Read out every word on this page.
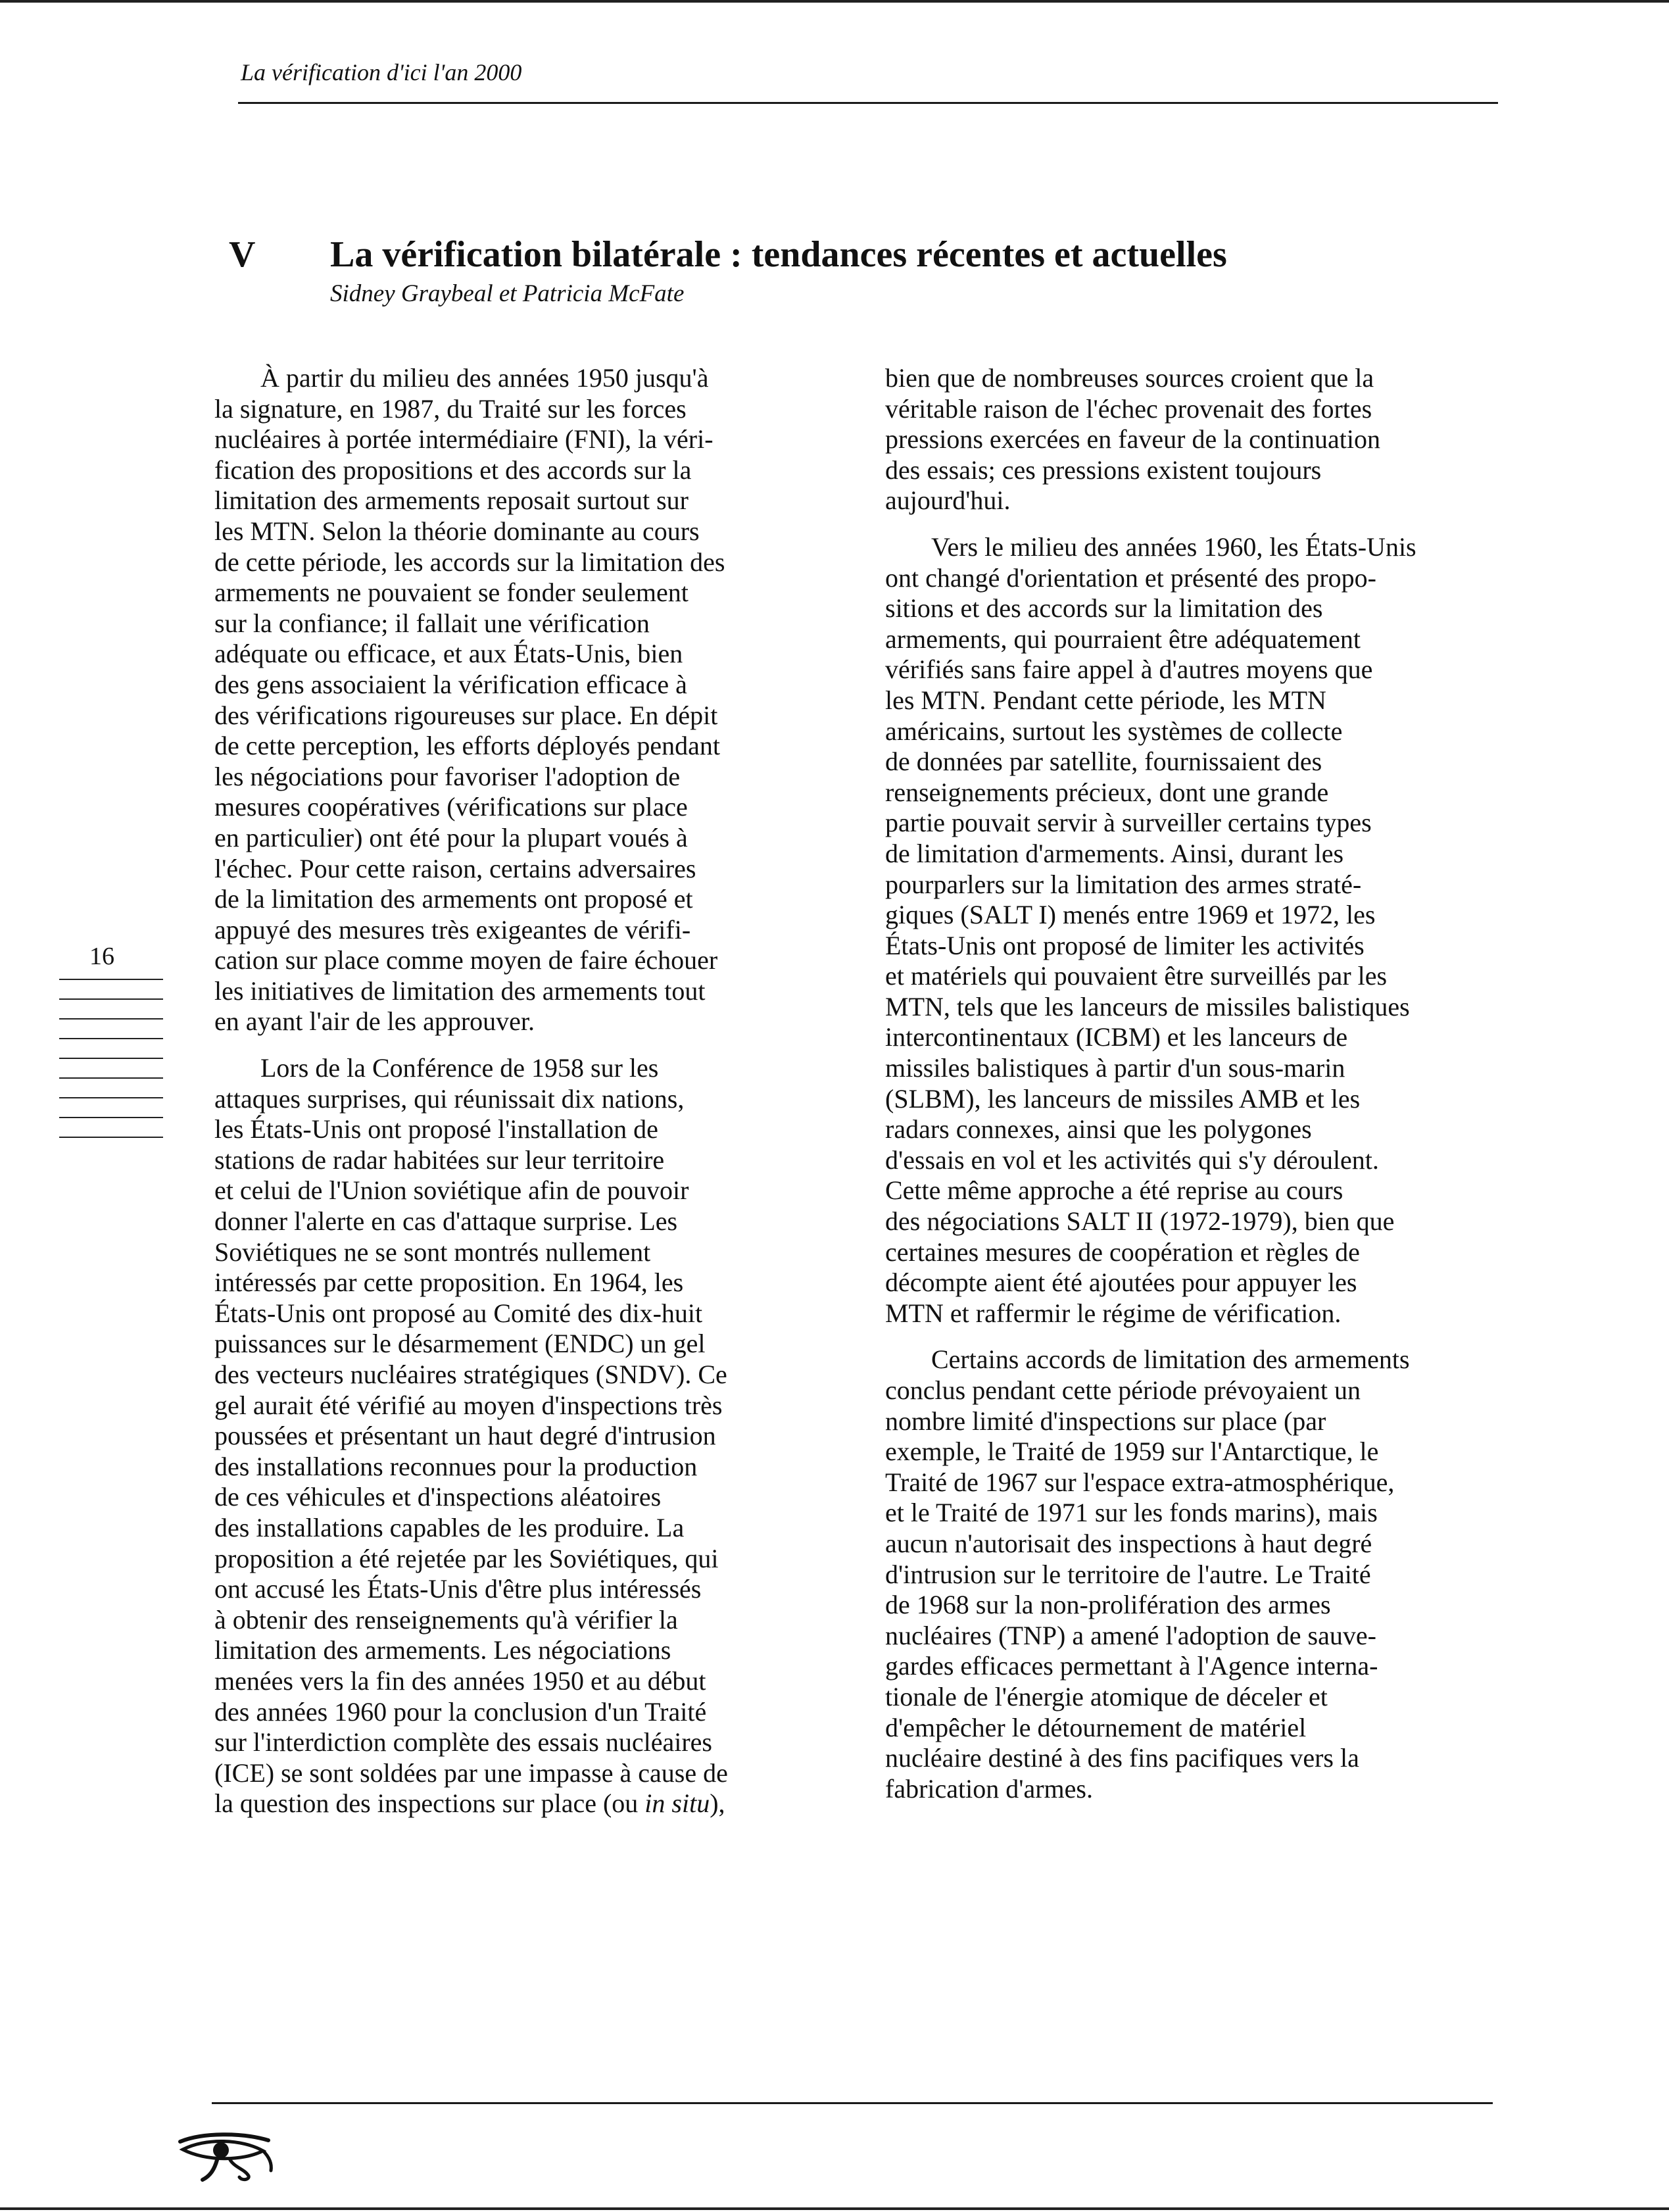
La vérification d'ici l'an 2000
V La vérification bilatérale : tendances récentes et actuelles
Sidney Graybeal et Patricia McFate
16
À partir du milieu des années 1950 jusqu'à
la signature, en 1987, du Traité sur les forces
nucléaires à portée intermédiaire (FNI), la véri-
fication des propositions et des accords sur la
limitation des armements reposait surtout sur
les MTN. Selon la théorie dominante au cours
de cette période, les accords sur la limitation des
armements ne pouvaient se fonder seulement
sur la confiance; il fallait une vérification
adéquate ou efficace, et aux États-Unis, bien
des gens associaient la vérification efficace à
des vérifications rigoureuses sur place. En dépit
de cette perception, les efforts déployés pendant
les négociations pour favoriser l'adoption de
mesures coopératives (vérifications sur place
en particulier) ont été pour la plupart voués à
l'échec. Pour cette raison, certains adversaires
de la limitation des armements ont proposé et
appuyé des mesures très exigeantes de vérifi-
cation sur place comme moyen de faire échouer
les initiatives de limitation des armements tout
en ayant l'air de les approuver.
Lors de la Conférence de 1958 sur les
attaques surprises, qui réunissait dix nations,
les États-Unis ont proposé l'installation de
stations de radar habitées sur leur territoire
et celui de l'Union soviétique afin de pouvoir
donner l'alerte en cas d'attaque surprise. Les
Soviétiques ne se sont montrés nullement
intéressés par cette proposition. En 1964, les
États-Unis ont proposé au Comité des dix-huit
puissances sur le désarmement (ENDC) un gel
des vecteurs nucléaires stratégiques (SNDV). Ce
gel aurait été vérifié au moyen d'inspections très
poussées et présentant un haut degré d'intrusion
des installations reconnues pour la production
de ces véhicules et d'inspections aléatoires
des installations capables de les produire. La
proposition a été rejetée par les Soviétiques, qui
ont accusé les États-Unis d'être plus intéressés
à obtenir des renseignements qu'à vérifier la
limitation des armements. Les négociations
menées vers la fin des années 1950 et au début
des années 1960 pour la conclusion d'un Traité
sur l'interdiction complète des essais nucléaires
(ICE) se sont soldées par une impasse à cause de
la question des inspections sur place (ou in situ),
bien que de nombreuses sources croient que la
véritable raison de l'échec provenait des fortes
pressions exercées en faveur de la continuation
des essais; ces pressions existent toujours
aujourd'hui.
Vers le milieu des années 1960, les États-Unis
ont changé d'orientation et présenté des propo-
sitions et des accords sur la limitation des
armements, qui pourraient être adéquatement
vérifiés sans faire appel à d'autres moyens que
les MTN. Pendant cette période, les MTN
américains, surtout les systèmes de collecte
de données par satellite, fournissaient des
renseignements précieux, dont une grande
partie pouvait servir à surveiller certains types
de limitation d'armements. Ainsi, durant les
pourparlers sur la limitation des armes straté-
giques (SALT I) menés entre 1969 et 1972, les
États-Unis ont proposé de limiter les activités
et matériels qui pouvaient être surveillés par les
MTN, tels que les lanceurs de missiles balistiques
intercontinentaux (ICBM) et les lanceurs de
missiles balistiques à partir d'un sous-marin
(SLBM), les lanceurs de missiles AMB et les
radars connexes, ainsi que les polygones
d'essais en vol et les activités qui s'y déroulent.
Cette même approche a été reprise au cours
des négociations SALT II (1972-1979), bien que
certaines mesures de coopération et règles de
décompte aient été ajoutées pour appuyer les
MTN et raffermir le régime de vérification.
Certains accords de limitation des armements
conclus pendant cette période prévoyaient un
nombre limité d'inspections sur place (par
exemple, le Traité de 1959 sur l'Antarctique, le
Traité de 1967 sur l'espace extra-atmosphérique,
et le Traité de 1971 sur les fonds marins), mais
aucun n'autorisait des inspections à haut degré
d'intrusion sur le territoire de l'autre. Le Traité
de 1968 sur la non-prolifération des armes
nucléaires (TNP) a amené l'adoption de sauve-
gardes efficaces permettant à l'Agence interna-
tionale de l'énergie atomique de déceler et
d'empêcher le détournement de matériel
nucléaire destiné à des fins pacifiques vers la
fabrication d'armes.
